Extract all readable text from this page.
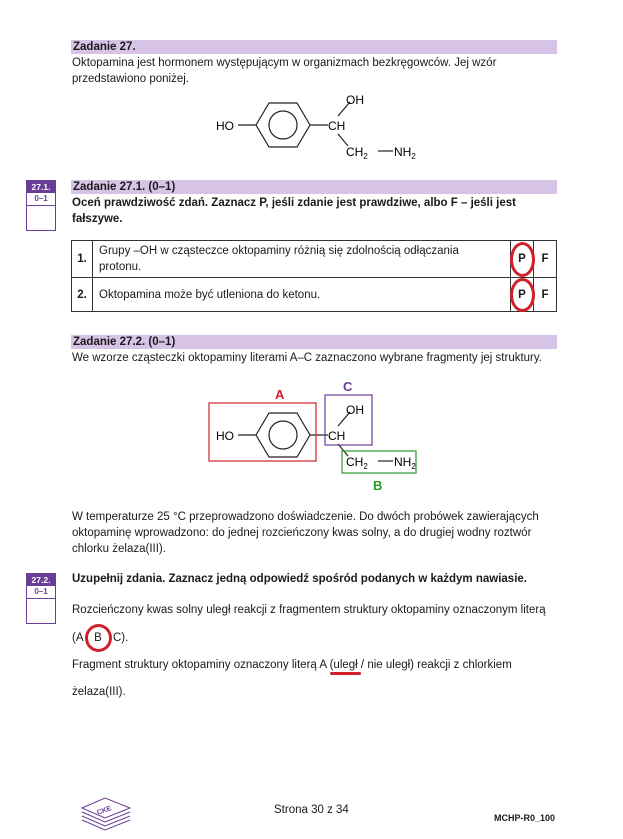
Zadanie 27.
Oktopamina jest hormonem występującym w organizmach bezkręgowców. Jej wzór
przedstawiono poniżej.
HO	CH
OH
$CH_2$ $NH_2$
27.1.
0–1
Zadanie 27.1. (0–1)
Oceń prawdziwość zdań. Zaznacz P, jeśli zdanie jest prawdziwe, albo F – jeśli jest
fałszywe.
1.	Grupy –OH w cząsteczce oktopaminy różnią się zdolnością odłączania
protonu.	P	F
2.	Oktopamina może być utleniona do ketonu.	P	F
Zadanie 27.2. (0–1)
We wzorze cząsteczki oktopaminy literami A–C zaznaczono wybrane fragmenty jej struktury.
A
C
B
HO	CH
OH
$CH_2$ $NH_2$
W temperaturze 25 °C przeprowadzono doświadczenie. Do dwóch probówek zawierających
oktopaminę wprowadzono: do jednej rozcieńczony kwas solny, a do drugiej wodny roztwór
chlorku żelaza(III).
27.2.
0–1
Uzupełnij zdania. Zaznacz jedną odpowiedź spośród podanych w każdym nawiasie.
Rozcieńczony kwas solny uległ reakcji z fragmentem struktury oktopaminy oznaczonym literą
(A B C).
Fragment struktury oktopaminy oznaczony literą A (uległ
/ nie uległ) reakcji z chlorkiem
żelaza(III).
CKE	Strona 30 z 34
MCHP-R0_100
